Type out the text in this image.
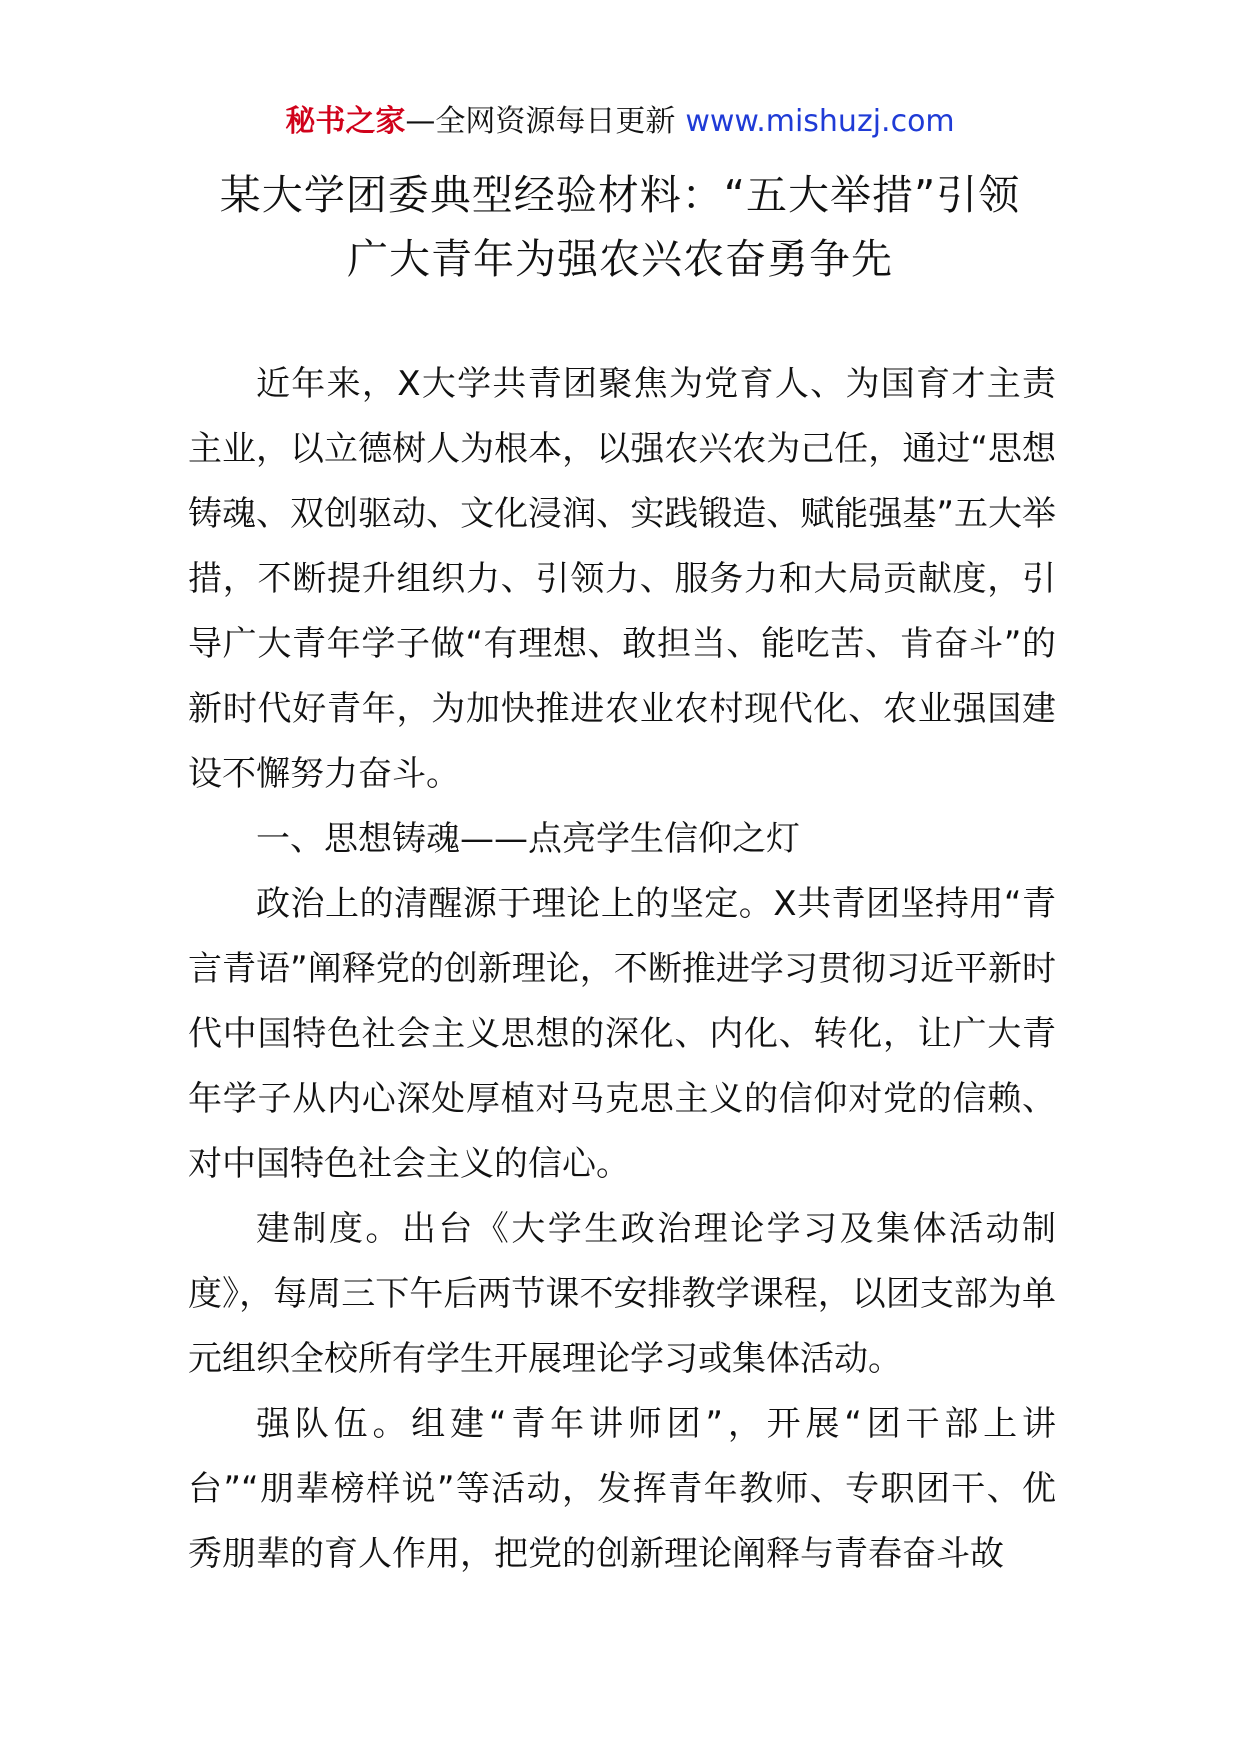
秘书之家—全网资源每日更新 www.mishuzj.com
某大学团委典型经验材料：“五大举措”引领
广大青年为强农兴农奋勇争先

近年来，X大学共青团聚焦为党育人、为国育才主责主业，以立德树人为根本，以强农兴农为己任，通过“思想铸魂、双创驱动、文化浸润、实践锻造、赋能强基”五大举措，不断提升组织力、引领力、服务力和大局贡献度，引导广大青年学子做“有理想、敢担当、能吃苦、肯奋斗”的新时代好青年，为加快推进农业农村现代化、农业强国建设不懈努力奋斗。

一、思想铸魂——点亮学生信仰之灯

政治上的清醒源于理论上的坚定。X共青团坚持用“青言青语”阐释党的创新理论，不断推进学习贯彻习近平新时代中国特色社会主义思想的深化、内化、转化，让广大青年学子从内心深处厚植对马克思主义的信仰对党的信赖、对中国特色社会主义的信心。

建制度。出台《大学生政治理论学习及集体活动制度》，每周三下午后两节课不安排教学课程，以团支部为单元组织全校所有学生开展理论学习或集体活动。

强队伍。组建“青年讲师团”，开展“团干部上讲台”“朋辈榜样说”等活动，发挥青年教师、专职团干、优秀朋辈的育人作用，把党的创新理论阐释与青春奋斗故
